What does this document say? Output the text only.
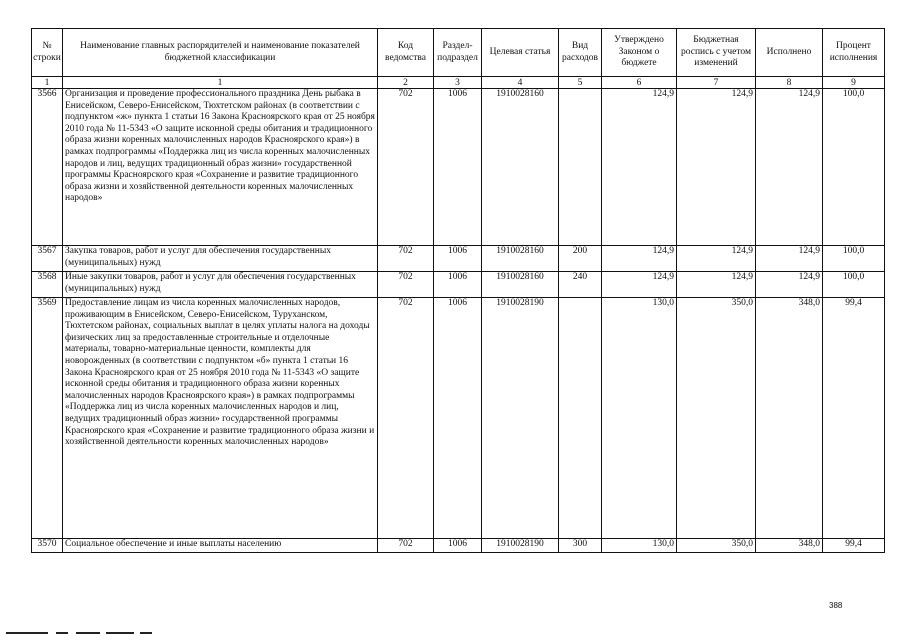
№ строки	Наименование главных распорядителей и наименование показателей бюджетной классификации	Код ведомства	Раздел-подраздел	Целевая статья	Вид расходов	Утверждено Законом о бюджете	Бюджетная роспись с учетом изменений	Исполнено	Процент исполнения
1	1	2	3	4	5	6	7	8	9
3566	Организация и проведение профессионального праздника День рыбака в Енисейском, Северо-Енисейском, Тюхтетском районах (в соответствии с подпунктом «ж» пункта 1 статьи 16 Закона Красноярского края от 25 ноября 2010 года № 11-5343 «О защите исконной среды обитания и традиционного образа жизни коренных малочисленных народов Красноярского края») в рамках подпрограммы «Поддержка лиц из числа коренных малочисленных народов и лиц, ведущих традиционный образ жизни» государственной программы Красноярского края «Сохранение и развитие традиционного образа жизни и хозяйственной деятельности коренных малочисленных народов»	702	1006	1910028160		124,9	124,9	124,9	100,0
3567	Закупка товаров, работ и услуг для обеспечения государственных (муниципальных) нужд	702	1006	1910028160	200	124,9	124,9	124,9	100,0
3568	Иные закупки товаров, работ и услуг для обеспечения государственных (муниципальных) нужд	702	1006	1910028160	240	124,9	124,9	124,9	100,0
3569	Предоставление лицам из числа коренных малочисленных народов, проживающим в Енисейском, Северо-Енисейском, Туруханском, Тюхтетском районах, социальных выплат в целях уплаты налога на доходы физических лиц за предоставленные строительные и отделочные материалы, товарно-материальные ценности, комплекты для новорожденных (в соответствии с подпунктом «б» пункта 1 статьи 16 Закона Красноярского края от 25 ноября 2010 года № 11-5343 «О защите исконной среды обитания и традиционного образа жизни коренных малочисленных народов Красноярского края») в рамках подпрограммы «Поддержка лиц из числа коренных малочисленных народов и лиц, ведущих традиционный образ жизни» государственной программы Красноярского края «Сохранение и развитие традиционного образа жизни и хозяйственной деятельности коренных малочисленных народов»	702	1006	1910028190		130,0	350,0	348,0	99,4
3570	Социальное обеспечение и иные выплаты населению	702	1006	1910028190	300	130,0	350,0	348,0	99,4
388
